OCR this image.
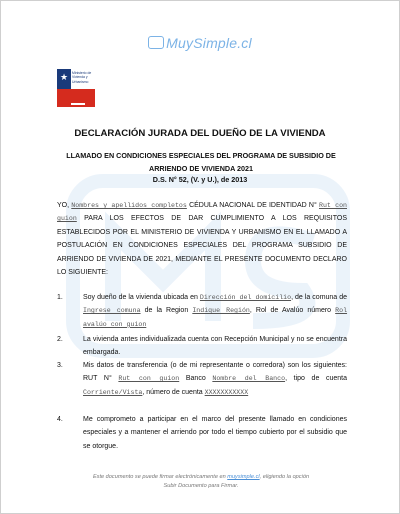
MuySimple.cl
★ Ministerio de
Vivienda y
Urbanismo
DECLARACIÓN JURADA DEL DUEÑO DE LA VIVIENDA
LLAMADO EN CONDICIONES ESPECIALES DEL PROGRAMA DE SUBSIDIO DE ARRIENDO DE VIVIENDA 2021
D.S. N° 52, (V. y U.), de 2013
YO, Nombres y apellidos completos CÉDULA NACIONAL DE IDENTIDAD N° Rut con guion PARA LOS EFECTOS DE DAR CUMPLIMIENTO A LOS REQUISITOS ESTABLECIDOS POR EL MINISTERIO DE VIVIENDA Y URBANISMO EN EL LLAMADO A POSTULACIÓN EN CONDICIONES ESPECIALES DEL PROGRAMA SUBSIDIO DE ARRIENDO DE VIVIENDA DE 2021, MEDIANTE EL PRESENTE DOCUMENTO DECLARO LO SIGUIENTE:
1.	Soy dueño de la vivienda ubicada en Dirección del domicilio, de la comuna de Ingrese comuna de la Region Indique Región, Rol de Avalúo número Rol avalúo con guion
2.	La vivienda antes individualizada cuenta con Recepción Municipal y no se encuentra embargada.
3.	Mis datos de transferencia (o de mi representante o corredora) son los siguientes: RUT N° Rut con guion Banco Nombre del Banco, tipo de cuenta Corriente/Vista, número de cuenta XXXXXXXXXXX
4.	Me comprometo a participar en el marco del presente llamado en condiciones especiales y a mantener el arriendo por todo el tiempo cubierto por el subsidio que se otorgue.
Este documento se puede firmar electrónicamente en muysimple.cl, eligiendo la opción
Subir Documento para Firmar.
